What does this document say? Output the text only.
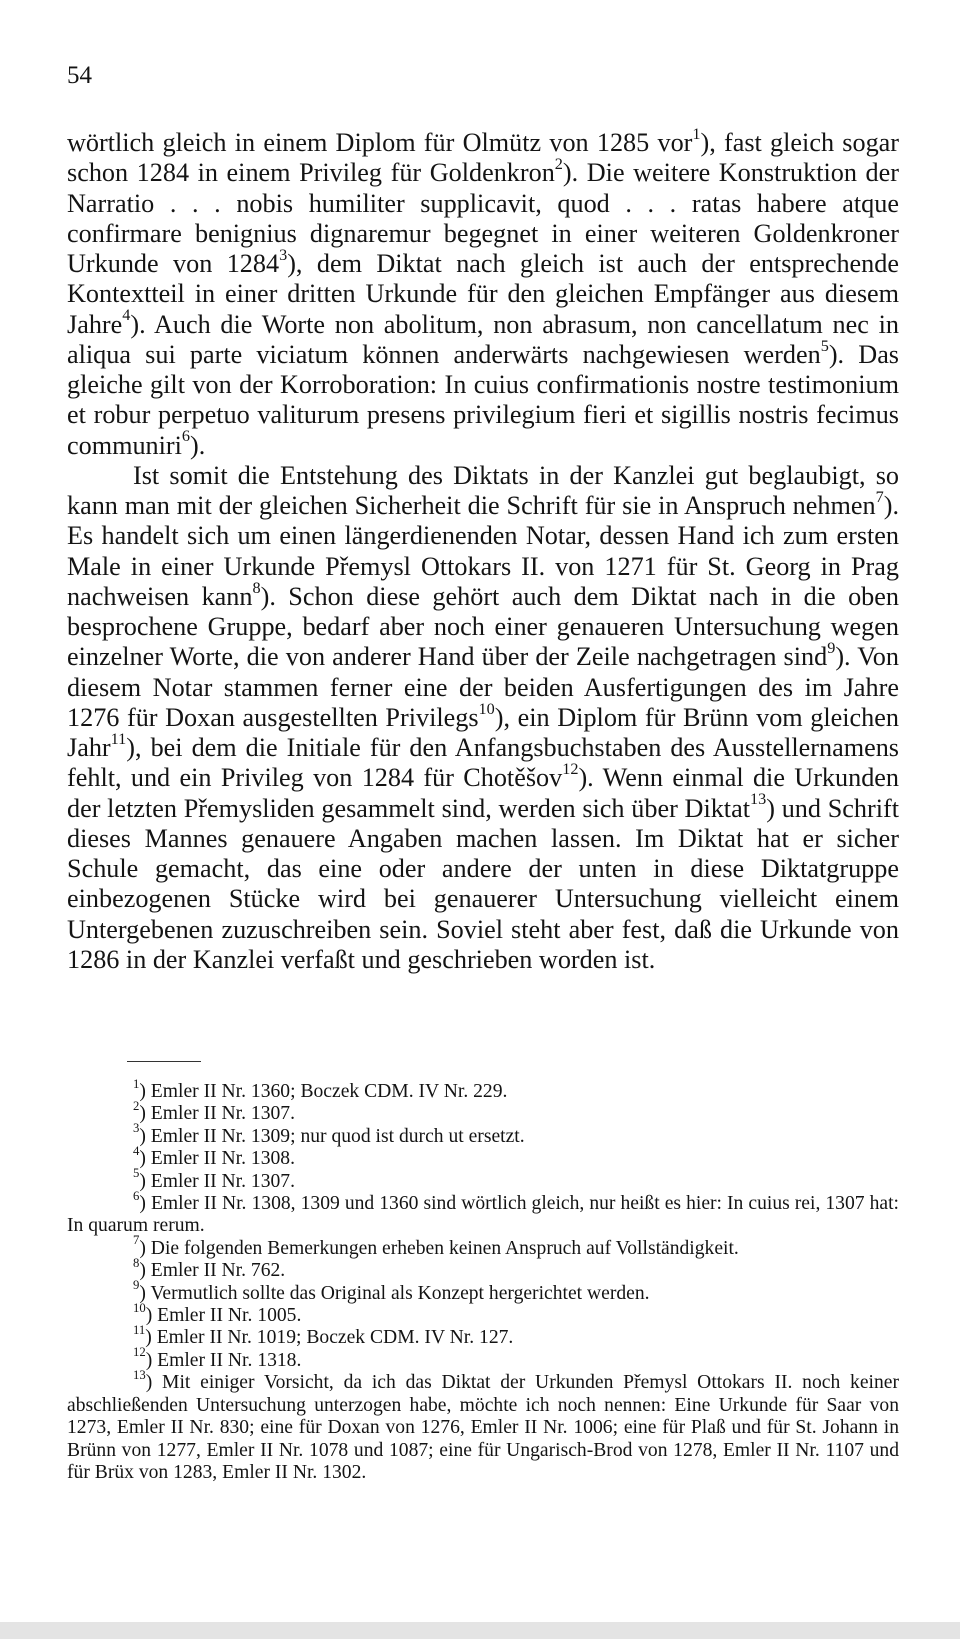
54

wörtlich gleich in einem Diplom für Olmütz von 1285 vor$^1$), fast gleich sogar schon 1284 in einem Privileg für Goldenkron$^2$). Die weitere Konstruktion der Narratio . . . nobis humiliter supplicavit, quod . . . ratas habere atque confirmare benignius dignaremur begegnet in einer weiteren Goldenkroner Urkunde von 1284$^3$), dem Diktat nach gleich ist auch der entsprechende Kontextteil in einer dritten Urkunde für den gleichen Empfänger aus diesem Jahre$^4$). Auch die Worte non abolitum, non abrasum, non cancellatum nec in aliqua sui parte viciatum können anderwärts nachgewiesen werden$^5$). Das gleiche gilt von der Korroboration: In cuius confirmationis nostre testimonium et robur perpetuo valiturum presens privilegium fieri et sigillis nostris fecimus communiri$^6$).

Ist somit die Entstehung des Diktats in der Kanzlei gut beglaubigt, so kann man mit der gleichen Sicherheit die Schrift für sie in Anspruch nehmen$^7$). Es handelt sich um einen längerdienenden Notar, dessen Hand ich zum ersten Male in einer Urkunde Přemysl Ottokars II. von 1271 für St. Georg in Prag nachweisen kann$^8$). Schon diese gehört auch dem Diktat nach in die oben besprochene Gruppe, bedarf aber noch einer genaueren Untersuchung wegen einzelner Worte, die von anderer Hand über der Zeile nachgetragen sind$^9$). Von diesem Notar stammen ferner eine der beiden Ausfertigungen des im Jahre 1276 für Doxan ausgestellten Privilegs$^{10}$), ein Diplom für Brünn vom gleichen Jahr$^{11}$), bei dem die Initiale für den Anfangsbuchstaben des Ausstellernamens fehlt, und ein Privileg von 1284 für Chotěšov$^{12}$). Wenn einmal die Urkunden der letzten Přemysliden gesammelt sind, werden sich über Diktat$^{13}$) und Schrift dieses Mannes genauere Angaben machen lassen. Im Diktat hat er sicher Schule gemacht, das eine oder andere der unten in diese Diktatgruppe einbezogenen Stücke wird bei genauerer Untersuchung vielleicht einem Untergebenen zuzuschreiben sein. Soviel steht aber fest, daß die Urkunde von 1286 in der Kanzlei verfaßt und geschrieben worden ist.

$^1$) Emler II Nr. 1360; Boczek CDM. IV Nr. 229.
$^2$) Emler II Nr. 1307.
$^3$) Emler II Nr. 1309; nur quod ist durch ut ersetzt.
$^4$) Emler II Nr. 1308.
$^5$) Emler II Nr. 1307.
$^6$) Emler II Nr. 1308, 1309 und 1360 sind wörtlich gleich, nur heißt es hier: In cuius rei, 1307 hat: In quarum rerum.
$^7$) Die folgenden Bemerkungen erheben keinen Anspruch auf Vollständigkeit.
$^8$) Emler II Nr. 762.
$^9$) Vermutlich sollte das Original als Konzept hergerichtet werden.
$^{10}$) Emler II Nr. 1005.
$^{11}$) Emler II Nr. 1019; Boczek CDM. IV Nr. 127.
$^{12}$) Emler II Nr. 1318.
$^{13}$) Mit einiger Vorsicht, da ich das Diktat der Urkunden Přemysl Ottokars II. noch keiner abschließenden Untersuchung unterzogen habe, möchte ich noch nennen: Eine Urkunde für Saar von 1273, Emler II Nr. 830; eine für Doxan von 1276, Emler II Nr. 1006; eine für Plaß und für St. Johann in Brünn von 1277, Emler II Nr. 1078 und 1087; eine für Ungarisch-Brod von 1278, Emler II Nr. 1107 und für Brüx von 1283, Emler II Nr. 1302.
